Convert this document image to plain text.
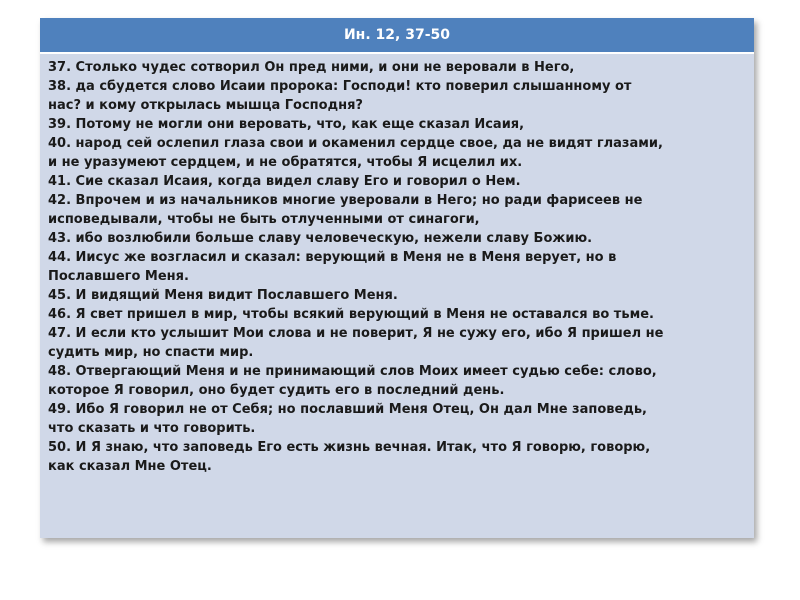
Ин. 12, 37-50

37. Столько чудес сотворил Он пред ними, и они не веровали в Него,

38. да сбудется слово Исаии пророка: Господи! кто поверил слышанному от
нас? и кому открылась мышца Господня?

39. Потому не могли они веровать, что, как еще сказал Исаия,

40. народ сей ослепил глаза свои и окаменил сердце свое, да не видят глазами,
и не уразумеют сердцем, и не обратятся, чтобы Я исцелил их.

41. Сие сказал Исаия, когда видел славу Его и говорил о Нем.

42. Впрочем и из начальников многие уверовали в Него; но ради фарисеев не
исповедывали, чтобы не быть отлученными от синагоги,

43. ибо возлюбили больше славу человеческую, нежели славу Божию.

44. Иисус же возгласил и сказал: верующий в Меня не в Меня верует, но в
Пославшего Меня.

45. И видящий Меня видит Пославшего Меня.

46. Я свет пришел в мир, чтобы всякий верующий в Меня не оставался во тьме.

47. И если кто услышит Мои слова и не поверит, Я не сужу его, ибо Я пришел не
судить мир, но спасти мир.

48. Отвергающий Меня и не принимающий слов Моих имеет судью себе: слово,
которое Я говорил, оно будет судить его в последний день.

49. Ибо Я говорил не от Себя; но пославший Меня Отец, Он дал Мне заповедь,
что сказать и что говорить.

50. И Я знаю, что заповедь Его есть жизнь вечная. Итак, что Я говорю, говорю,
как сказал Мне Отец.
